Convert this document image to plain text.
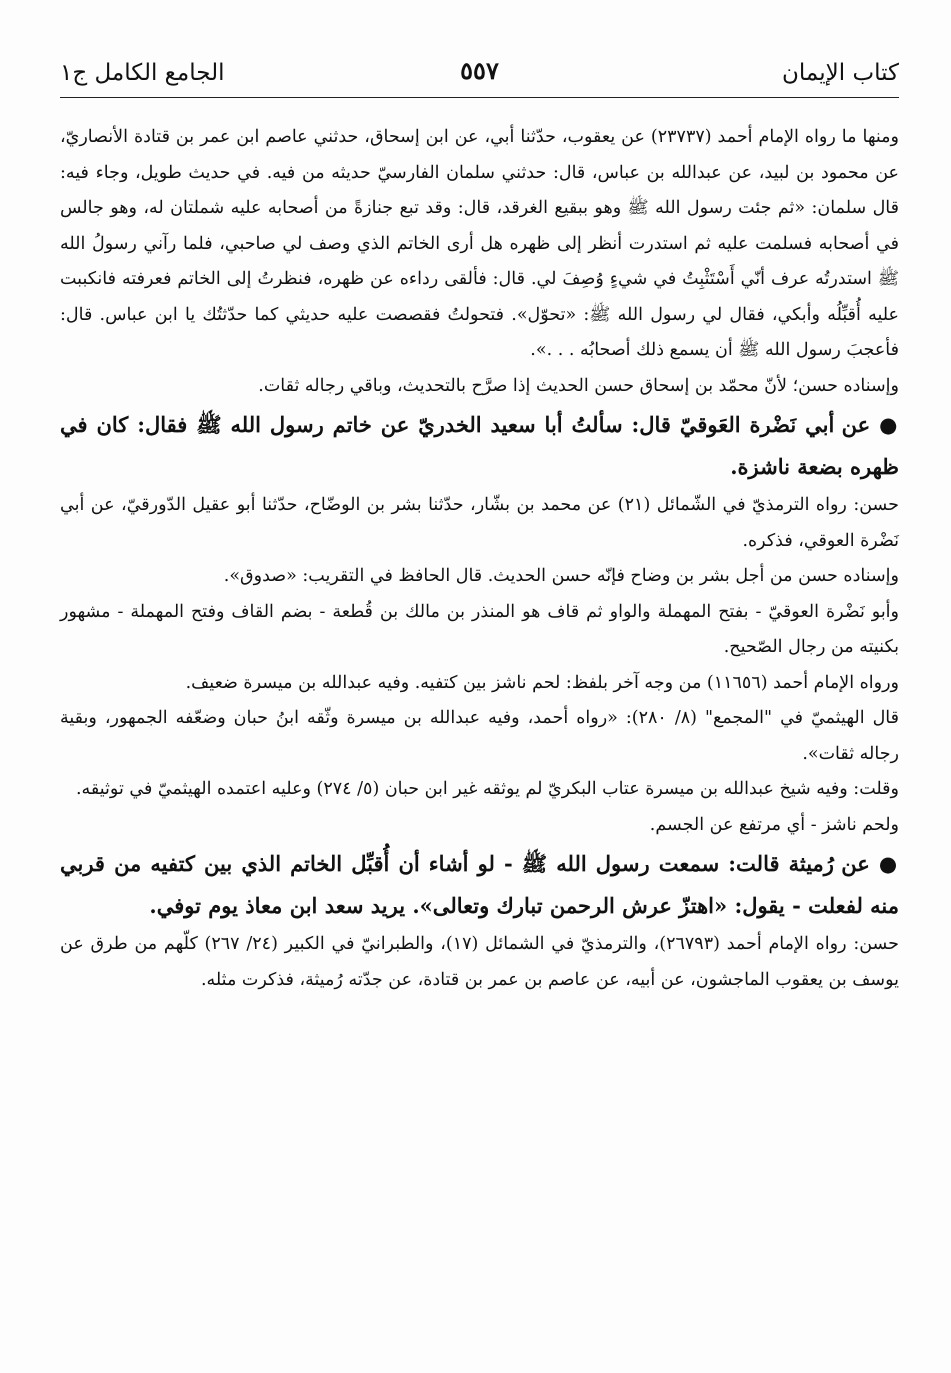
كتاب الإيمان
٥٥٧
الجامع الكامل ج١

ومنها ما رواه الإمام أحمد (٢٣٧٣٧) عن يعقوب، حدّثنا أبي، عن ابن إسحاق، حدثني عاصم ابن عمر بن قتادة الأنصاريّ، عن محمود بن لبيد، عن عبدالله بن عباس، قال: حدثني سلمان الفارسيّ حديثه من فيه. في حديث طويل، وجاء فيه: قال سلمان: «ثم جئت رسول الله ﷺ وهو ببقيع الغرقد، قال: وقد تبع جنازةً من أصحابه عليه شملتان له، وهو جالس في أصحابه فسلمت عليه ثم استدرت أنظر إلى ظهره هل أرى الخاتم الذي وصف لي صاحبي، فلما رآني رسولُ الله ﷺ استدرتُه عرف أنّي أَسْتَثْبِتُ في شيءٍ وُصِفَ لي. قال: فألقى رداءه عن ظهره، فنظرتُ إلى الخاتم فعرفته فانكببت عليه أُقبِّلُه وأبكي، فقال لي رسول الله ﷺ: «تحوّل». فتحولتُ فقصصت عليه حديثي كما حدّثتُك يا ابن عباس. قال: فأعجبَ رسول الله ﷺ أن يسمع ذلك أصحابُه . . .».

وإسناده حسن؛ لأنّ محمّد بن إسحاق حسن الحديث إذا صرَّح بالتحديث، وباقي رجاله ثقات.

● عن أبي نَضْرة العَوقيّ قال: سألتُ أبا سعيد الخدريّ عن خاتم رسول الله ﷺ فقال: كان في ظهره بضعة ناشزة.

حسن: رواه الترمذيّ في الشّمائل (٢١) عن محمد بن بشّار، حدّثنا بشر بن الوضّاح، حدّثنا أبو عقيل الدّورقيّ، عن أبي نَضْرة العوقي، فذكره.

وإسناده حسن من أجل بشر بن وضاح فإنّه حسن الحديث. قال الحافظ في التقريب: «صدوق».

وأبو نَضْرة العوقيّ - بفتح المهملة والواو ثم قاف هو المنذر بن مالك بن قُطعة - بضم القاف وفتح المهملة - مشهور بكنيته من رجال الصّحيح.

ورواه الإمام أحمد (١١٦٥٦) من وجه آخر بلفظ: لحم ناشز بين كتفيه. وفيه عبدالله بن ميسرة ضعيف.

قال الهيثميّ في "المجمع" (٨/ ٢٨٠): «رواه أحمد، وفيه عبدالله بن ميسرة وثّقه ابنُ حبان وضعّفه الجمهور، وبقية رجاله ثقات».

وقلت: وفيه شيخ عبدالله بن ميسرة عتاب البكريّ لم يوثقه غير ابن حبان (٥/ ٢٧٤) وعليه اعتمده الهيثميّ في توثيقه.

ولحم ناشز - أي مرتفع عن الجسم.

● عن رُميثة قالت: سمعت رسول الله ﷺ - لو أشاء أن أُقبِّل الخاتم الذي بين كتفيه من قربي منه لفعلت - يقول: «اهتزّ عرش الرحمن تبارك وتعالى». يريد سعد ابن معاذ يوم توفي.

حسن: رواه الإمام أحمد (٢٦٧٩٣)، والترمذيّ في الشمائل (١٧)، والطبرانيّ في الكبير (٢٤/ ٢٦٧) كلّهم من طرق عن يوسف بن يعقوب الماجشون، عن أبيه، عن عاصم بن عمر بن قتادة، عن جدّته رُميثة، فذكرت مثله.
